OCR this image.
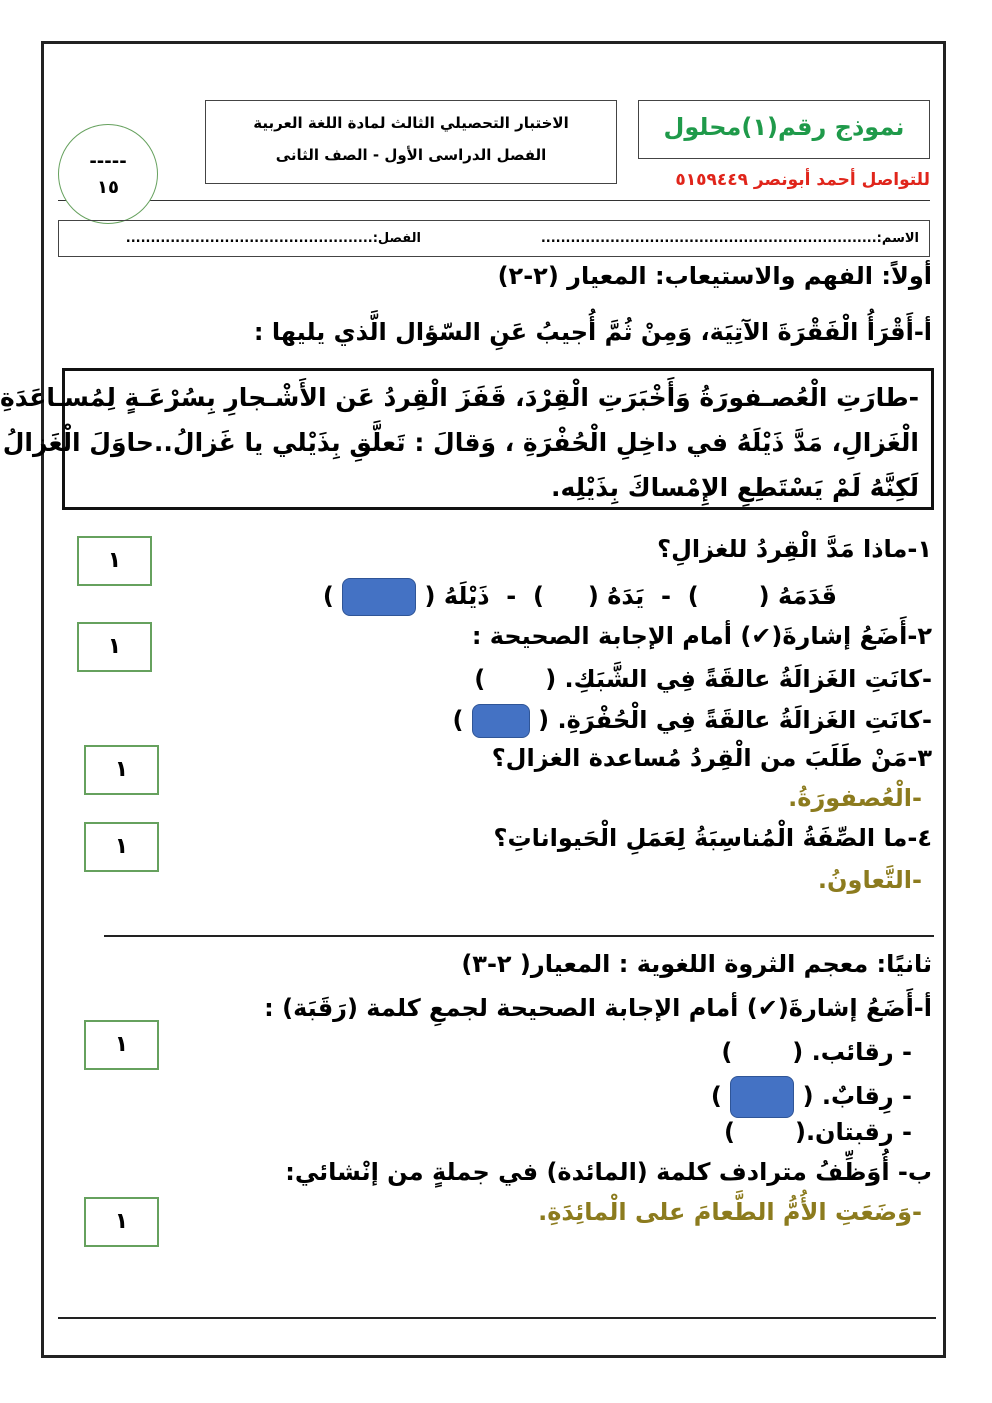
الاختبار التحصيلي الثالث لمادة اللغة العربية
الفصل الدراسى الأول - الصف الثانى
نموذج رقم(١)محلول
للتواصل أحمد أبونصر ٥١٥٩٤٤٩
-----
١٥
الاسم:....................................................................
الفصل:..................................................
أولاً: الفهم والاستيعاب: المعيار (٢-٢)
أ-أَقْرَأُ الْفَقْرَةَ الآتِيَة، وَمِنْ ثُمَّ أُجيبُ عَنِ السّؤال الَّذي يليها :
-طارَتِ الْعُصـفورَةُ وَأَخْبَرَتِ الْقِرْدَ، قَفَزَ الْقِردُ عَن الأَشْـجارِ بِسُرْعَـةٍ لِمُسـاعَدَةِ
الْغَزالِ، مَدَّ ذَيْلَهُ في داخِلِ الْحُفْرَةِ ، وَقالَ : تَعلَّقِ بِذَيْلي يا غَزالُ..حاوَلَ الْغَزالُ
لَكِنَّهُ لَمْ يَسْتَطِعِ الإِمْساكَ بِذَيْلِه.
١-ماذا مَدَّ الْقِردُ للغزالِ؟
قَدَمَهُ ()  -  يَدَهُ ()  -  ذَيْلَهُ (  )
٢-أَضَعُ إشارةَ(✔) أمام الإجابة الصحيحة :
-كانَتِ الغَزالَةُ عالقَةً فِي الشَّبَكِ. ()
-كانَتِ الغَزالَةُ عالقَةً فِي الْحُفْرَةِ. (  )
٣-مَنْ طَلَبَ من الْقِردُ مُساعدة الغزال؟
-الْعُصفورَةُ.
٤-ما الصِّفَةُ الْمُناسِبَةُ لِعَمَلِ الْحَيواناتِ؟
-التَّعاونُ.
١
١
١
١
ثانيًا: معجم الثروة اللغوية : المعيار( ٢-٣)
أ-أَضَعُ إشارةَ(✔) أمام الإجابة الصحيحة لجمعِ كلمة (رَقَبَة) :
- رقائب. ()
- رِقابٌ. (  )
- رقبتان.()
ب- أُوَظِّفُ مترادف كلمة (المائدة) في جملةٍ من إنْشائي:
-وَضَعَتِ الأُمُّ الطَّعامَ على الْمائِدَةِ.
١
١
